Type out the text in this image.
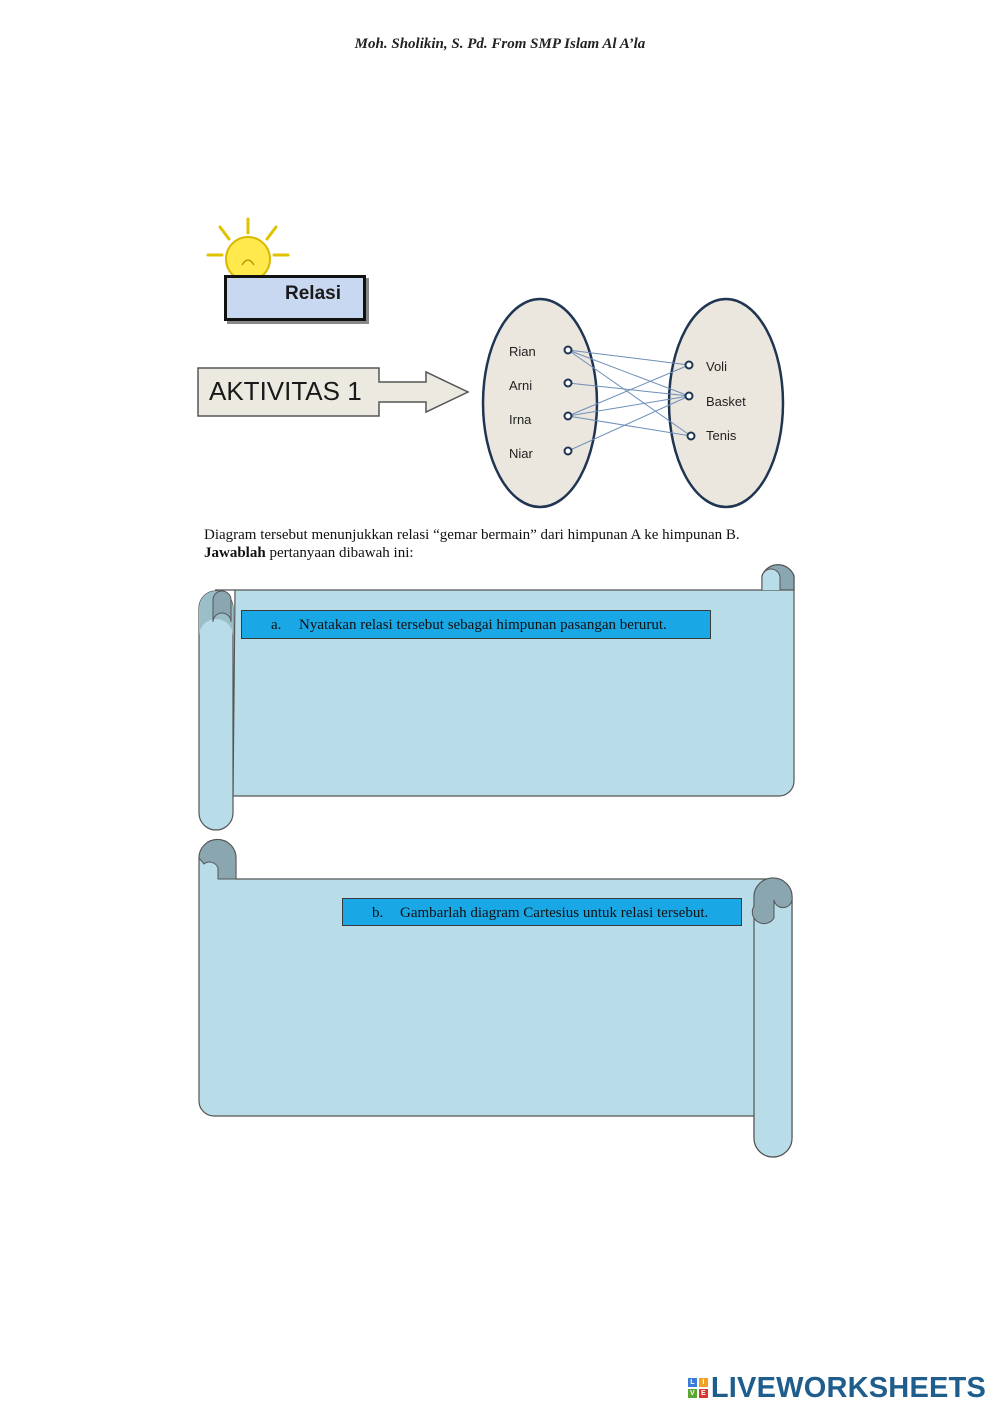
Moh. Sholikin, S. Pd. From SMP Islam Al A’la
Relasi
AKTIVITAS 1
Rian
Arni
Irna
Niar
Voli
Basket
Tenis
Diagram tersebut menunjukkan relasi “gemar bermain” dari himpunan A ke himpunan B.
Jawablah pertanyaan dibawah ini:
a. Nyatakan relasi tersebut sebagai himpunan pasangan berurut.
b. Gambarlah diagram Cartesius untuk relasi tersebut.
L	I
V E LIVEWORKSHEETS
